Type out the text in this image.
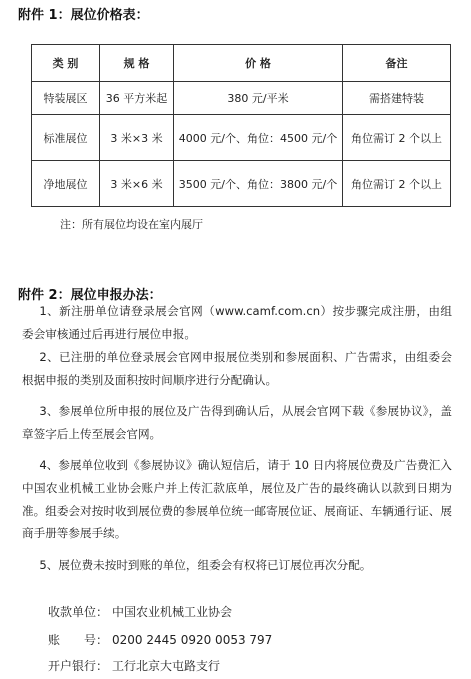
附件 1：展位价格表：
类 别	规 格	价 格	备注
特装展区	36 平方米起	380 元/平米	需搭建特装
标准展位	3 米×3 米	4000 元/个、角位：4500 元/个	角位需订 2 个以上
净地展位	3 米×6 米	3500 元/个、角位：3800 元/个	角位需订 2 个以上
注：所有展位均设在室内展厅
附件 2：展位申报办法：
  1、新注册单位请登录展会官网（www.camf.com.cn）按步骤完成注册，由组委会审核通过后再进行展位申报。
  2、已注册的单位登录展会官网申报展位类别和参展面积、广告需求，由组委会根据申报的类别及面积按时间顺序进行分配确认。
  3、参展单位所申报的展位及广告得到确认后，从展会官网下载《参展协议》，盖章签字后上传至展会官网。
  4、参展单位收到《参展协议》确认短信后，请于 10 日内将展位费及广告费汇入中国农业机械工业协会账户并上传汇款底单，展位及广告的最终确认以款到日期为准。组委会对按时收到展位费的参展单位统一邮寄展位证、展商证、车辆通行证、展商手册等参展手续。
  5、展位费未按时到账的单位，组委会有权将已订展位再次分配。
收款单位： 中国农业机械工业协会
账　　号： 0200 2445 0920 0053 797
开户银行： 工行北京大屯路支行
